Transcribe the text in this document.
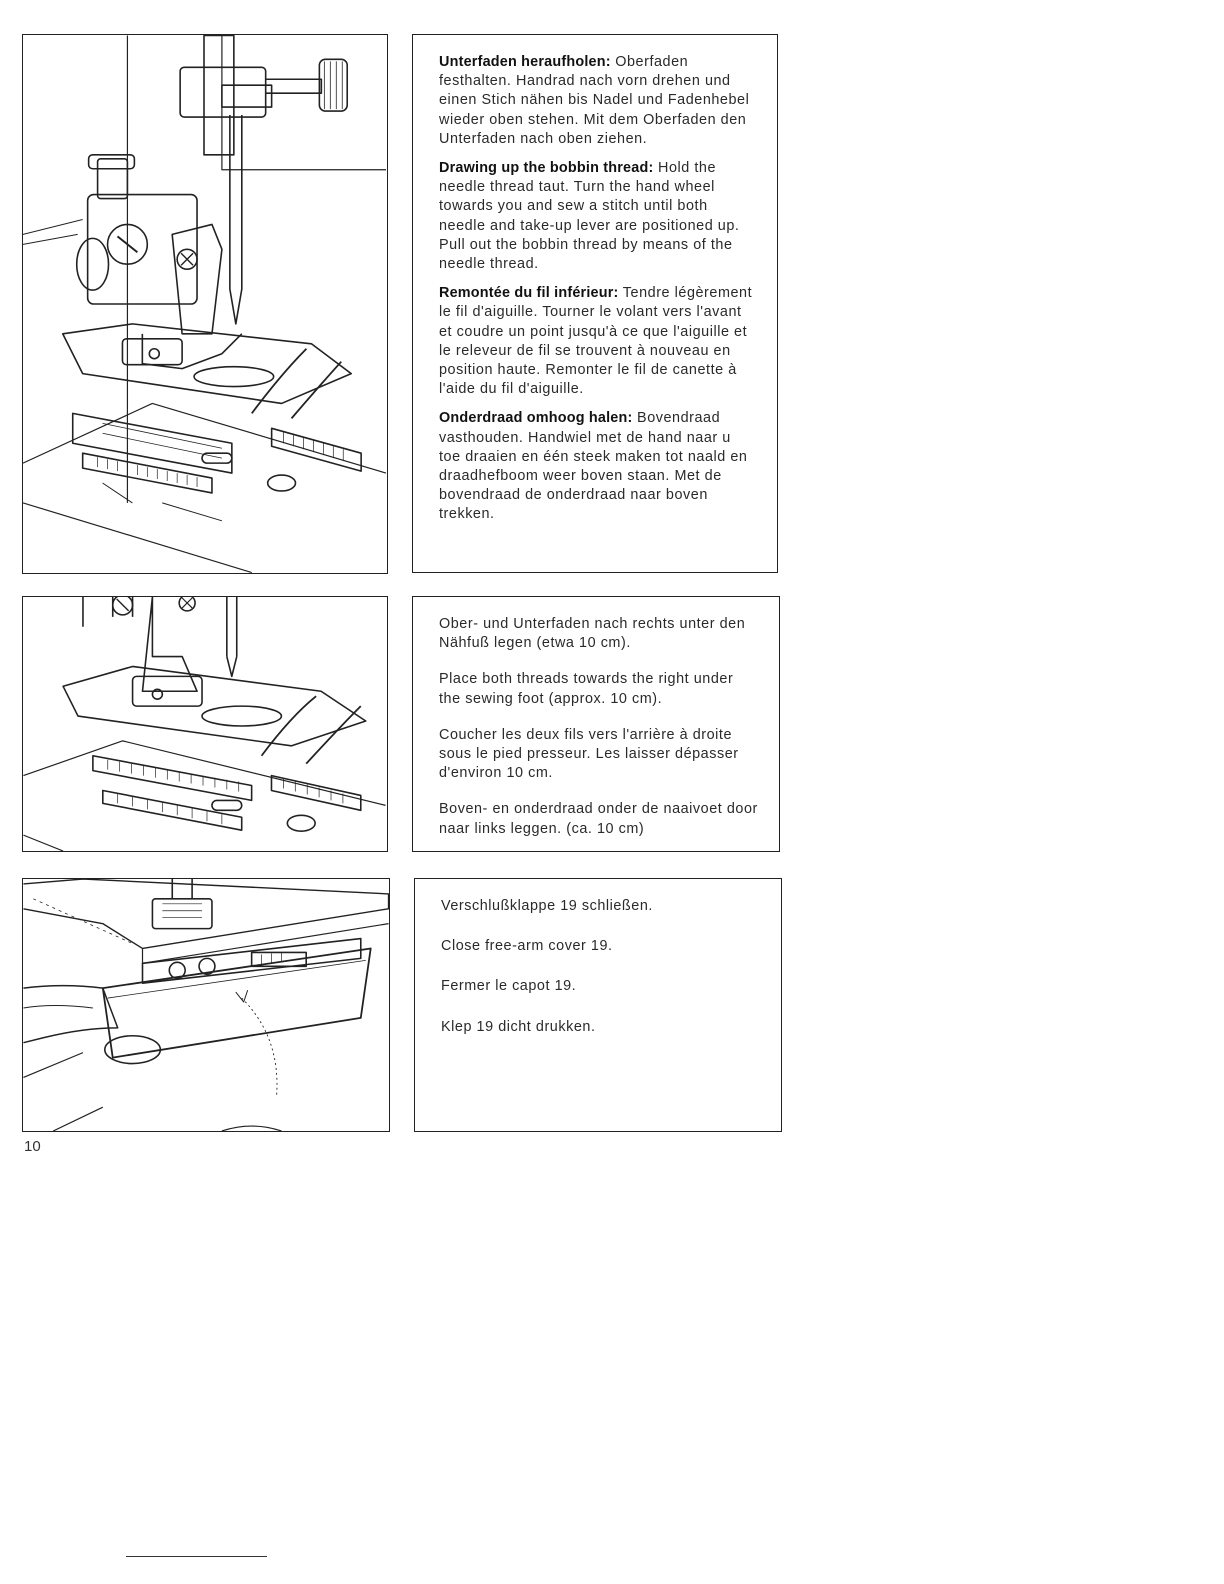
Unterfaden heraufholen: Oberfaden festhalten. Handrad nach vorn drehen und einen Stich nähen bis Nadel und Fadenhebel wieder oben stehen. Mit dem Oberfaden den Unterfaden nach oben ziehen.

Drawing up the bobbin thread: Hold the needle thread taut. Turn the hand wheel towards you and sew a stitch until both needle and take-up lever are positioned up. Pull out the bobbin thread by means of the needle thread.

Remontée du fil inférieur: Tendre légèrement le fil d'aiguille. Tourner le volant vers l'avant et coudre un point jusqu'à ce que l'aiguille et le releveur de fil se trouvent à nouveau en position haute. Remonter le fil de canette à l'aide du fil d'aiguille.

Onderdraad omhoog halen: Bovendraad vasthouden. Handwiel met de hand naar u toe draaien en één steek maken tot naald en draadhefboom weer boven staan. Met de bovendraad de onderdraad naar boven trekken.

Ober- und Unterfaden nach rechts unter den Nähfuß legen (etwa 10 cm).

Place both threads towards the right under the sewing foot (approx. 10 cm).

Coucher les deux fils vers l'arrière à droite sous le pied presseur. Les laisser dépasser d'environ 10 cm.

Boven- en onderdraad onder de naaivoet door naar links leggen. (ca. 10 cm)

Verschlußklappe 19 schließen.

Close free-arm cover 19.

Fermer le capot 19.

Klep 19 dicht drukken.

10
